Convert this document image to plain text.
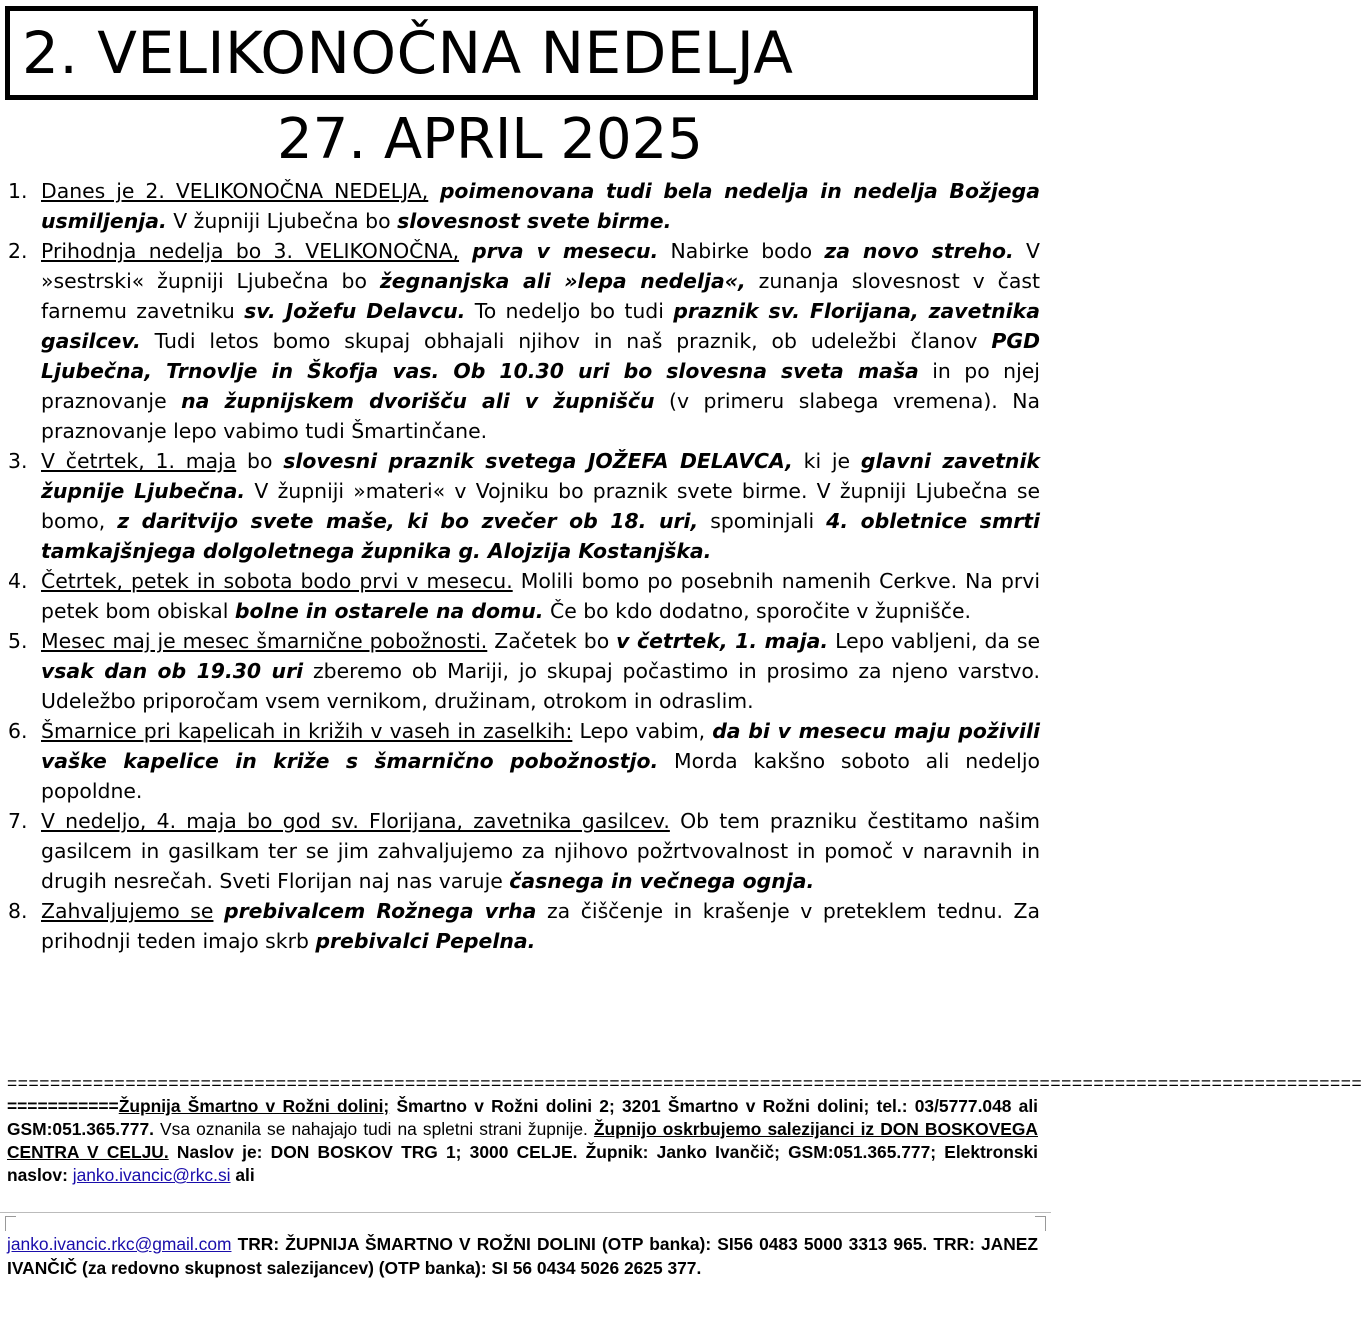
2. VELIKONOČNA NEDELJA
27. APRIL 2025
1. Danes je 2. VELIKONOČNA NEDELJA, poimenovana tudi bela nedelja in nedelja Božjega usmiljenja. V župniji Ljubečna bo slovesnost svete birme.
2. Prihodnja nedelja bo 3. VELIKONOČNA, prva v mesecu. Nabirke bodo za novo streho. V »sestrski« župniji Ljubečna bo žegnanjska ali »lepa nedelja«, zunanja slovesnost v čast farnemu zavetniku sv. Jožefu Delavcu. To nedeljo bo tudi praznik sv. Florijana, zavetnika gasilcev. Tudi letos bomo skupaj obhajali njihov in naš praznik, ob udeležbi članov PGD Ljubečna, Trnovlje in Škofja vas. Ob 10.30 uri bo slovesna sveta maša in po njej praznovanje na župnijskem dvorišču ali v župnišču (v primeru slabega vremena). Na praznovanje lepo vabimo tudi Šmartinčane.
3. V četrtek, 1. maja bo slovesni praznik svetega JOŽEFA DELAVCA, ki je glavni zavetnik župnije Ljubečna. V župniji »materi« v Vojniku bo praznik svete birme. V župniji Ljubečna se bomo, z daritvijo svete maše, ki bo zvečer ob 18. uri, spominjali 4. obletnice smrti tamkajšnjega dolgoletnega župnika g. Alojzija Kostanjška.
4. Četrtek, petek in sobota bodo prvi v mesecu. Molili bomo po posebnih namenih Cerkve. Na prvi petek bom obiskal bolne in ostarele na domu. Če bo kdo dodatno, sporočite v župnišče.
5. Mesec maj je mesec šmarnične pobožnosti. Začetek bo v četrtek, 1. maja. Lepo vabljeni, da se vsak dan ob 19.30 uri zberemo ob Mariji, jo skupaj počastimo in prosimo za njeno varstvo. Udeležbo priporočam vsem vernikom, družinam, otrokom in odraslim.
6. Šmarnice pri kapelicah in križih v vaseh in zaselkih: Lepo vabim, da bi v mesecu maju poživili vaške kapelice in križe s šmarnično pobožnostjo. Morda kakšno soboto ali nedeljo popoldne.
7. V nedeljo, 4. maja bo god sv. Florijana, zavetnika gasilcev. Ob tem prazniku čestitamo našim gasilcem in gasilkam ter se jim zahvaljujemo za njihovo požrtvovalnost in pomoč v naravnih in drugih nesrečah. Sveti Florijan naj nas varuje časnega in večnega ognja.
8. Zahvaljujemo se prebivalcem Rožnega vrha za čiščenje in krašenje v preteklem tednu. Za prihodnji teden imajo skrb prebivalci Pepelna.
==============================================================================================================================
===========Župnija Šmartno v Rožni dolini; Šmartno v Rožni dolini 2; 3201 Šmartno v Rožni dolini; tel.: 03/5777.048 ali GSM:051.365.777. Vsa oznanila se nahajajo tudi na spletni strani župnije. Župnijo oskrbujemo salezijanci iz DON BOSKOVEGA CENTRA V CELJU. Naslov je: DON BOSKOV TRG 1; 3000 CELJE. Župnik: Janko Ivančič; GSM:051.365.777; Elektronski naslov: janko.ivancic@rkc.si ali
janko.ivancic.rkc@gmail.com TRR: ŽUPNIJA ŠMARTNO V ROŽNI DOLINI (OTP banka): SI56 0483 5000 3313 965. TRR: JANEZ IVANČIČ (za redovno skupnost salezijancev) (OTP banka): SI 56 0434 5026 2625 377.
